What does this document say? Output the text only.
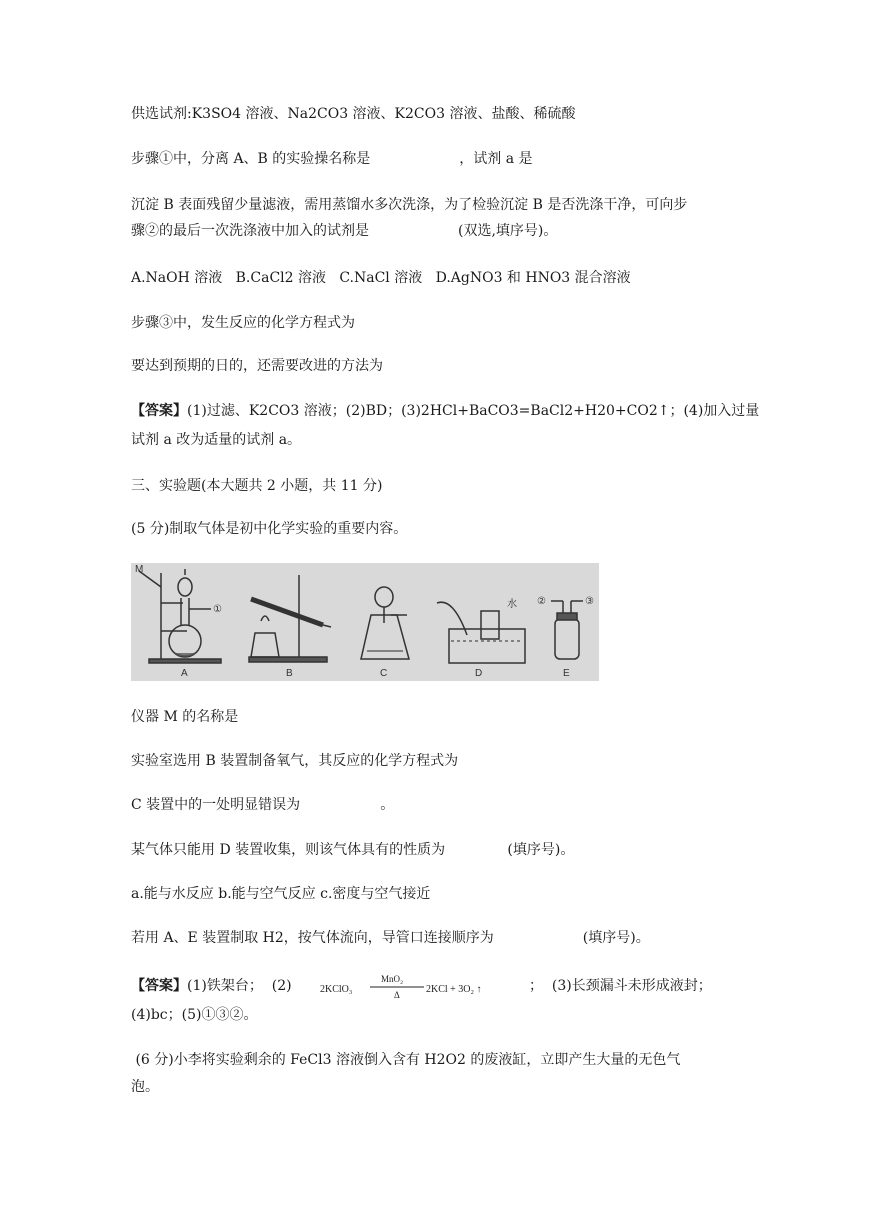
供选试剂:K3SO4 溶液、Na2CO3 溶液、K2CO3 溶液、盐酸、稀硫酸
步骤①中，分离 A、B 的实验操名称是                    ，试剂 a 是
沉淀 B 表面残留少量滤液，需用蒸馏水多次洗涤，为了检验沉淀 B 是否洗涤干净，可向步
骤②的最后一次洗涤液中加入的试剂是                    (双选,填序号)。
A.NaOH 溶液   B.CaCl2 溶液   C.NaCl 溶液   D.AgNO3 和 HNO3 混合溶液
步骤③中，发生反应的化学方程式为
要达到预期的日的，还需要改进的方法为
【答案】(1)过滤、K2CO3 溶液；(2)BD；(3)2HCl+BaCO3=BaCl2+H20+CO2↑；(4)加入过量
试剂 a 改为适量的试剂 a。
三、实验题(本大题共 2 小题，共 11 分)
(5 分)制取气体是初中化学实验的重要内容。
A	B	C	D	E
M
①
②	③
水
仪器 M 的名称是
实验室选用 B 装置制备氧气，其反应的化学方程式为
C 装置中的一处明显错误为                  。
某气体只能用 D 装置收集，则该气体具有的性质为              (填序号)。
a.能与水反应 b.能与空气反应 c.密度与空气接近
若用 A、E 装置制取 H2，按气体流向，导管口连接顺序为                    (填序号)。
【答案】(1)铁架台；  (2)	2KClO₃
MnO₂
Δ	2KCl + 3O₂ ↑	；  (3)长颈漏斗未形成液封；
(4)bc；(5)①③②。
(6 分)小李将实验剩余的 FeCl3 溶液倒入含有 H2O2 的废液缸，立即产生大量的无色气
泡。
